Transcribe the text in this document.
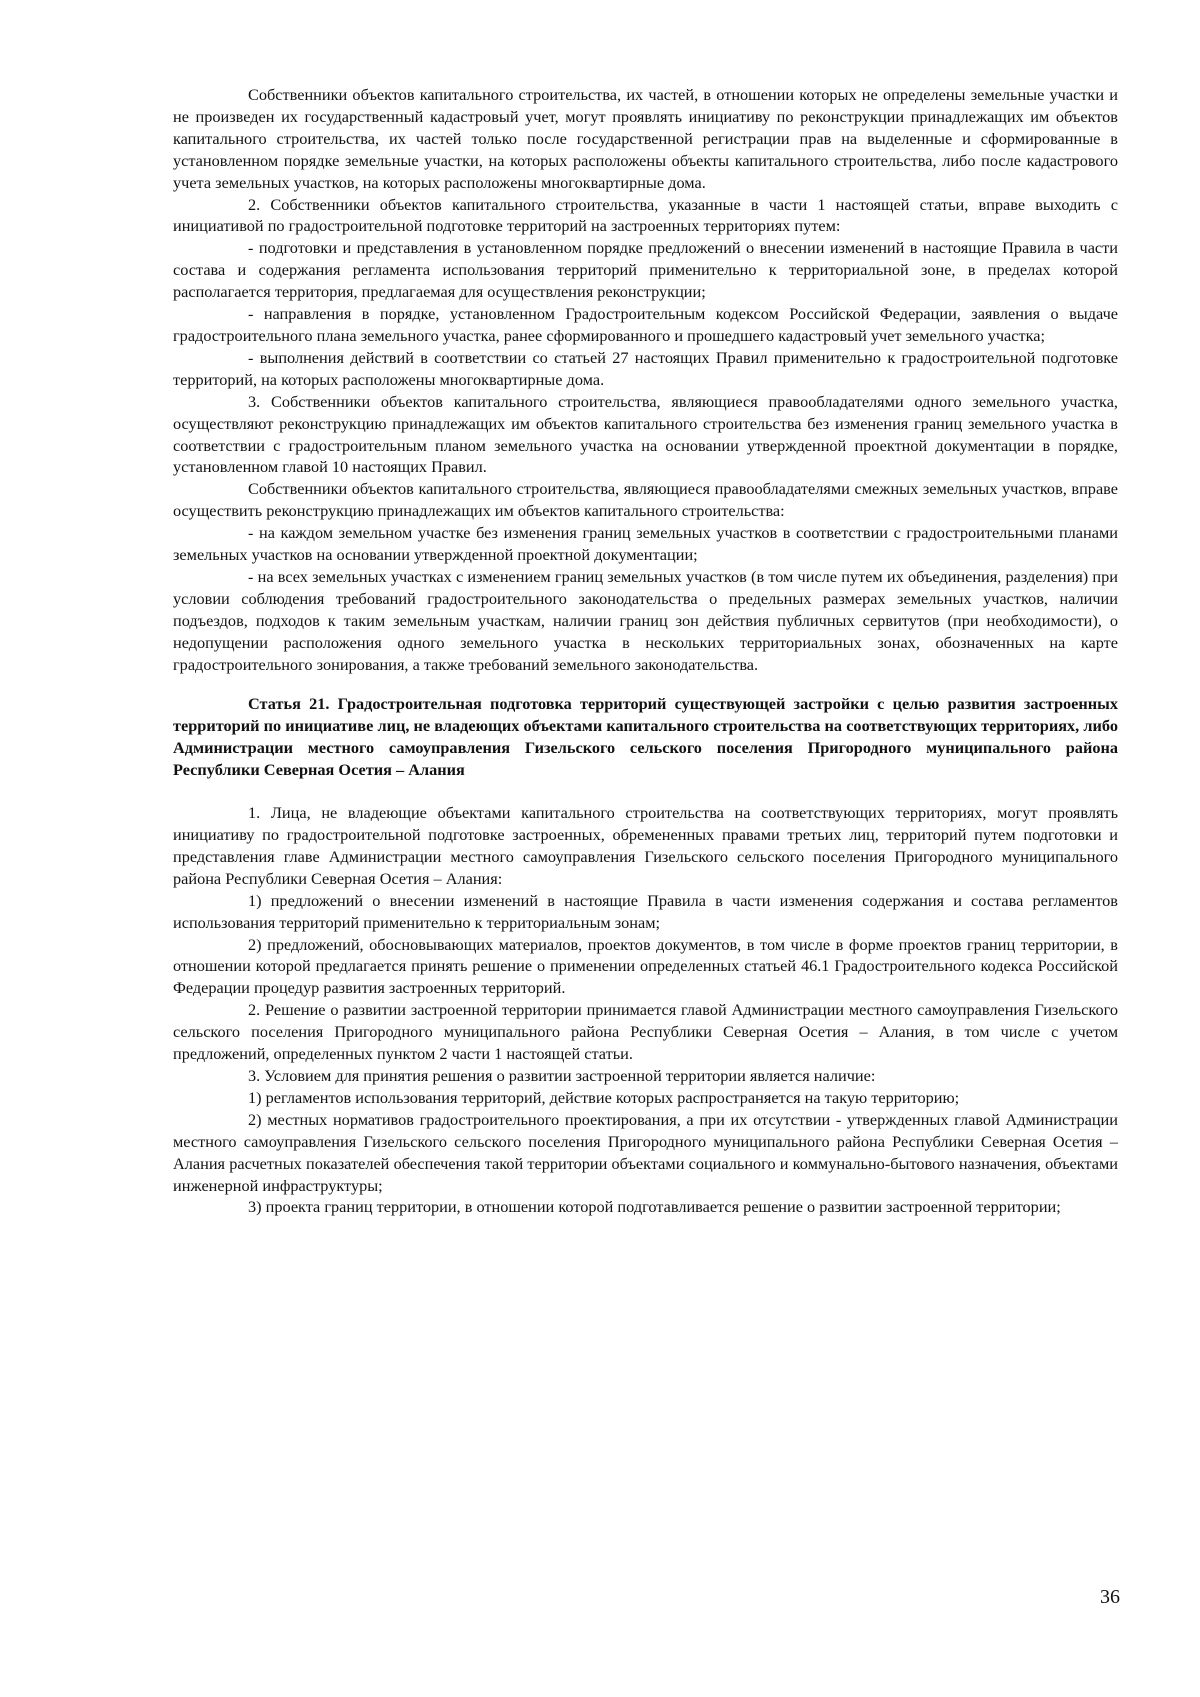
Собственники объектов капитального строительства, их частей, в отношении которых не определены земельные участки и не произведен их государственный кадастровый учет, могут проявлять инициативу по реконструкции принадлежащих им объектов капитального строительства, их частей только после государственной регистрации прав на выделенные и сформированные в установленном порядке земельные участки, на которых расположены объекты капитального строительства, либо после кадастрового учета земельных участков, на которых расположены многоквартирные дома.

2. Собственники объектов капитального строительства, указанные в части 1 настоящей статьи, вправе выходить с инициативой по градостроительной подготовке территорий на застроенных территориях путем:

- подготовки и представления в установленном порядке предложений о внесении изменений в настоящие Правила в части состава и содержания регламента использования территорий применительно к территориальной зоне, в пределах которой располагается территория, предлагаемая для осуществления реконструкции;

- направления в порядке, установленном Градостроительным кодексом Российской Федерации, заявления о выдаче градостроительного плана земельного участка, ранее сформированного и прошедшего кадастровый учет земельного участка;

- выполнения действий в соответствии со статьей 27 настоящих Правил применительно к градостроительной подготовке территорий, на которых расположены многоквартирные дома.

3. Собственники объектов капитального строительства, являющиеся правообладателями одного земельного участка, осуществляют реконструкцию принадлежащих им объектов капитального строительства без изменения границ земельного участка в соответствии с градостроительным планом земельного участка на основании утвержденной проектной документации в порядке, установленном главой 10 настоящих Правил.

Собственники объектов капитального строительства, являющиеся правообладателями смежных земельных участков, вправе осуществить реконструкцию принадлежащих им объектов капитального строительства:

- на каждом земельном участке без изменения границ земельных участков в соответствии с градостроительными планами земельных участков на основании утвержденной проектной документации;

- на всех земельных участках с изменением границ земельных участков (в том числе путем их объединения, разделения) при условии соблюдения требований градостроительного законодательства о предельных размерах земельных участков, наличии подъездов, подходов к таким земельным участкам, наличии границ зон действия публичных сервитутов (при необходимости), о недопущении расположения одного земельного участка в нескольких территориальных зонах, обозначенных на карте градостроительного зонирования, а также требований земельного законодательства.

Статья 21. Градостроительная подготовка территорий существующей застройки с целью развития застроенных территорий по инициативе лиц, не владеющих объектами капитального строительства на соответствующих территориях, либо Администрации местного самоуправления Гизельского сельского поселения Пригородного муниципального района Республики Северная Осетия – Алания

1. Лица, не владеющие объектами капитального строительства на соответствующих территориях, могут проявлять инициативу по градостроительной подготовке застроенных, обремененных правами третьих лиц, территорий путем подготовки и представления главе Администрации местного самоуправления Гизельского сельского поселения Пригородного муниципального района Республики Северная Осетия – Алания:

1) предложений о внесении изменений в настоящие Правила в части изменения содержания и состава регламентов использования территорий применительно к территориальным зонам;

2) предложений, обосновывающих материалов, проектов документов, в том числе в форме проектов границ территории, в отношении которой предлагается принять решение о применении определенных статьей 46.1 Градостроительного кодекса Российской Федерации процедур развития застроенных территорий.

2. Решение о развитии застроенной территории принимается главой Администрации местного самоуправления Гизельского сельского поселения Пригородного муниципального района Республики Северная Осетия – Алания, в том числе с учетом предложений, определенных пунктом 2 части 1 настоящей статьи.

3. Условием для принятия решения о развитии застроенной территории является наличие:

1) регламентов использования территорий, действие которых распространяется на такую территорию;

2) местных нормативов градостроительного проектирования, а при их отсутствии - утвержденных главой Администрации местного самоуправления Гизельского сельского поселения Пригородного муниципального района Республики Северная Осетия – Алания расчетных показателей обеспечения такой территории объектами социального и коммунально-бытового назначения, объектами инженерной инфраструктуры;

3) проекта границ территории, в отношении которой подготавливается решение о развитии застроенной территории;

36
